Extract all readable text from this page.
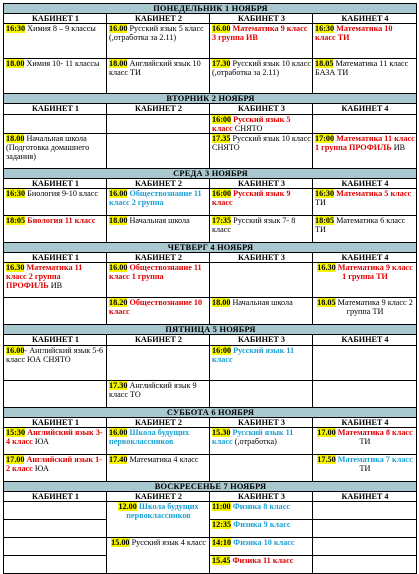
ПОНЕДЕЛЬНИК 1 НОЯБРЯ			
КАБИНЕТ 1	КАБИНЕТ 2	КАБИНЕТ 3	КАБИНЕТ 4
16:30 Химия 8 – 9 классы	16.00 Русский язык 5 класс (,отработка за 2.11)	16.00 Математика 9 класс 3 группа ИВ	16:30 Математика 10 класс ТИ
18.00 Химия 10- 11 классы	18.00 Английский язык 10 класс ТИ	17.30 Русский язык 10 класс (,отработка за 2.11)	18.05 Математика 11 класс БАЗА ТИ
ВТОРНИК 2 НОЯБРЯ			
КАБИНЕТ 1	КАБИНЕТ 2	КАБИНЕТ 3	КАБИНЕТ 4
		16:00 Русский язык 5 класс СНЯТО	
18.00 Начальная школа (Подготовка домашнего задания)		17.35 Русский язык 10 класс СНЯТО	17:00 Математика 11 класс 1 группа ПРОФИЛЬ ИВ
СРЕДА 3 НОЯБРЯ			
КАБИНЕТ 1	КАБИНЕТ 2	КАБИНЕТ 3	КАБИНЕТ 4
16:30 Биология 9-10 класс	16.00 Обществознание 11 класс 2 группа	16:00 Русский язык 9 класс	16:30 Математика 5 класс ТИ
18:05 Биология 11 класс	18.00 Начальная школа	17:35 Русский язык 7- 8 класс	18:05 Математика 6 класс ТИ
ЧЕТВЕРГ 4 НОЯБРЯ			
КАБИНЕТ 1	КАБИНЕТ 2	КАБИНЕТ 3	КАБИНЕТ 4
16.30 Математика 11 класс 2 группа ПРОФИЛЬ ИВ	16.00 Обществознание 11 класс 1 группа		16.30 Математика 9 класс 1 группа ТИ
	18.20 Обществознание 10 класс	18.00 Начальная школа	18.05 Математика 9 класс 2 группа ТИ
ПЯТНИЦА 5 НОЯБРЯ			
КАБИНЕТ 1	КАБИНЕТ 2	КАБИНЕТ 3	КАБИНЕТ 4
16.00- Английский язык 5-6 класс ЮА СНЯТО		16:00 Русский язык 11 класс	
	17.30 Английский язык 9 класс ТО		
СУББОТА 6 НОЯБРЯ			
КАБИНЕТ 1	КАБИНЕТ 2	КАБИНЕТ 3	КАБИНЕТ 4
15:30 Английский язык 3-4 класс ЮА	16.00 Школа будущих первоклассников	15.30 Русский язык 11 класс (,отработка)	17.00 Математика 8 класс ТИ
17.00 Английский язык 1-2 класс ЮА	17.40 Математика 4 класс		17.50 Математика 7 класс ТИ
ВОСКРЕСЕНЬЕ 7 НОЯБРЯ			
КАБИНЕТ 1	КАБИНЕТ 2	КАБИНЕТ 3	КАБИНЕТ 4
	12.00 Школа будущих первоклассников	11:00 Физика 8 класс	
		12:35 Физика 9 класс	
	15.00 Русский язык 4 класс	14:10 Физика 10 класс	
		15.45 Физика 11 класс	
